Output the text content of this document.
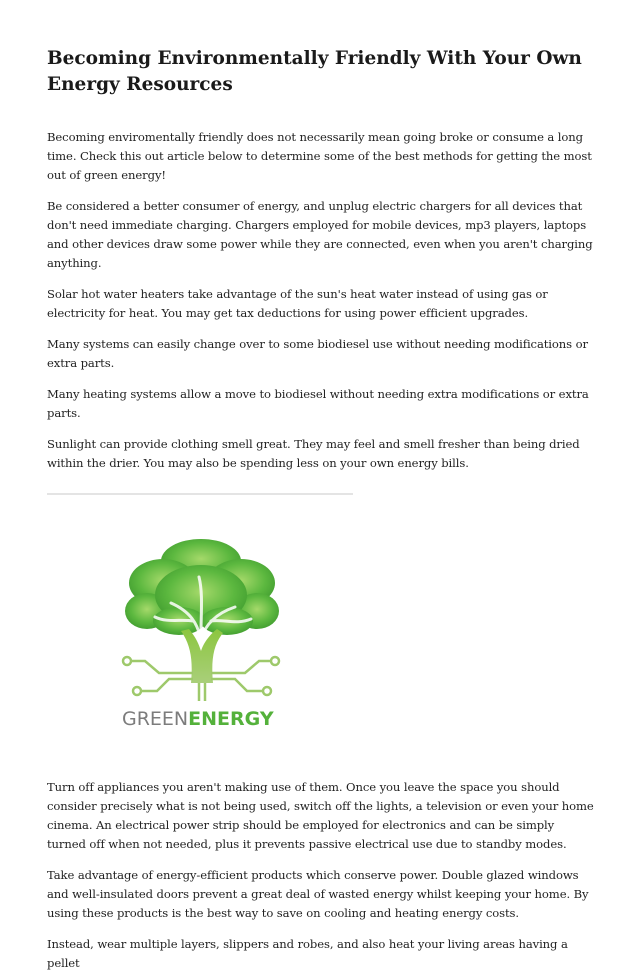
Becoming Environmentally Friendly With Your Own Energy Resources

Becoming enviromentally friendly does not necessarily mean going broke or consume a long time. Check this out article below to determine some of the best methods for getting the most out of green energy!

Be considered a better consumer of energy, and unplug electric chargers for all devices that don't need immediate charging. Chargers employed for mobile devices, mp3 players, laptops and other devices draw some power while they are connected, even when you aren't charging anything.

Solar hot water heaters take advantage of the sun's heat water instead of using gas or electricity for heat. You may get tax deductions for using power efficient upgrades.

Many systems can easily change over to some biodiesel use without needing modifications or extra parts.

Many heating systems allow a move to biodiesel without needing extra modifications or extra parts.

Sunlight can provide clothing smell great. They may feel and smell fresher than being dried within the drier. You may also be spending less on your own energy bills.

GREENENERGY

Turn off appliances you aren't making use of them. Once you leave the space you should consider precisely what is not being used, switch off the lights, a television or even your home cinema. An electrical power strip should be employed for electronics and can be simply turned off when not needed, plus it prevents passive electrical use due to standby modes.

Take advantage of energy-efficient products which conserve power. Double glazed windows and well-insulated doors prevent a great deal of wasted energy whilst keeping your home. By using these products is the best way to save on cooling and heating energy costs.

Instead, wear multiple layers, slippers and robes, and also heat your living areas having a pellet
